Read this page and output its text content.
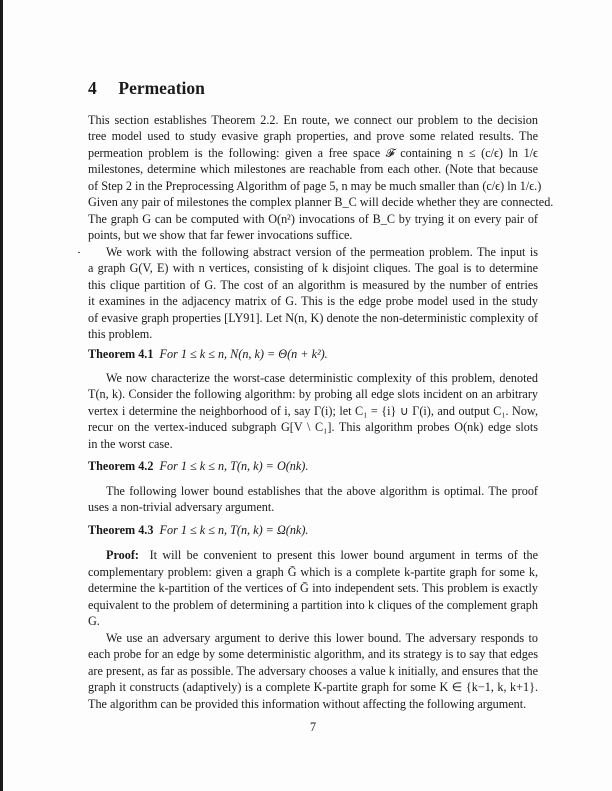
4 Permeation
This section establishes Theorem 2.2. En route, we connect our problem to the decision
tree model used to study evasive graph properties, and prove some related results. The
permeation problem is the following: given a free space 𝓕 containing n ≤ (c/ϵ) ln 1/ϵ
milestones, determine which milestones are reachable from each other. (Note that because
of Step 2 in the Preprocessing Algorithm of page 5, n may be much smaller than (c/ϵ) ln 1/ϵ.)
Given any pair of milestones the complex planner B_C will decide whether they are connected.
The graph G can be computed with O(n²) invocations of B_C by trying it on every pair of
points, but we show that far fewer invocations suffice.
We work with the following abstract version of the permeation problem. The input is
a graph G(V, E) with n vertices, consisting of k disjoint cliques. The goal is to determine
this clique partition of G. The cost of an algorithm is measured by the number of entries
it examines in the adjacency matrix of G. This is the edge probe model used in the study
of evasive graph properties [LY91]. Let N(n, K) denote the non-deterministic complexity of
this problem.
Theorem 4.1 For 1 ≤ k ≤ n, N(n, k) = Θ(n + k²).
We now characterize the worst-case deterministic complexity of this problem, denoted
T(n, k). Consider the following algorithm: by probing all edge slots incident on an arbitrary
vertex i determine the neighborhood of i, say Γ(i); let C₁ = {i} ∪ Γ(i), and output C₁. Now,
recur on the vertex-induced subgraph G[V \ C₁]. This algorithm probes O(nk) edge slots
in the worst case.
Theorem 4.2 For 1 ≤ k ≤ n, T(n, k) = O(nk).
The following lower bound establishes that the above algorithm is optimal. The proof
uses a non-trivial adversary argument.
Theorem 4.3 For 1 ≤ k ≤ n, T(n, k) = Ω(nk).
Proof: It will be convenient to present this lower bound argument in terms of the
complementary problem: given a graph Ḡ which is a complete k-partite graph for some k,
determine the k-partition of the vertices of Ḡ into independent sets. This problem is exactly
equivalent to the problem of determining a partition into k cliques of the complement graph
G.
We use an adversary argument to derive this lower bound. The adversary responds to
each probe for an edge by some deterministic algorithm, and its strategy is to say that edges
are present, as far as possible. The adversary chooses a value k initially, and ensures that the
graph it constructs (adaptively) is a complete K-partite graph for some K ∈ {k−1, k, k+1}.
The algorithm can be provided this information without affecting the following argument.
7
